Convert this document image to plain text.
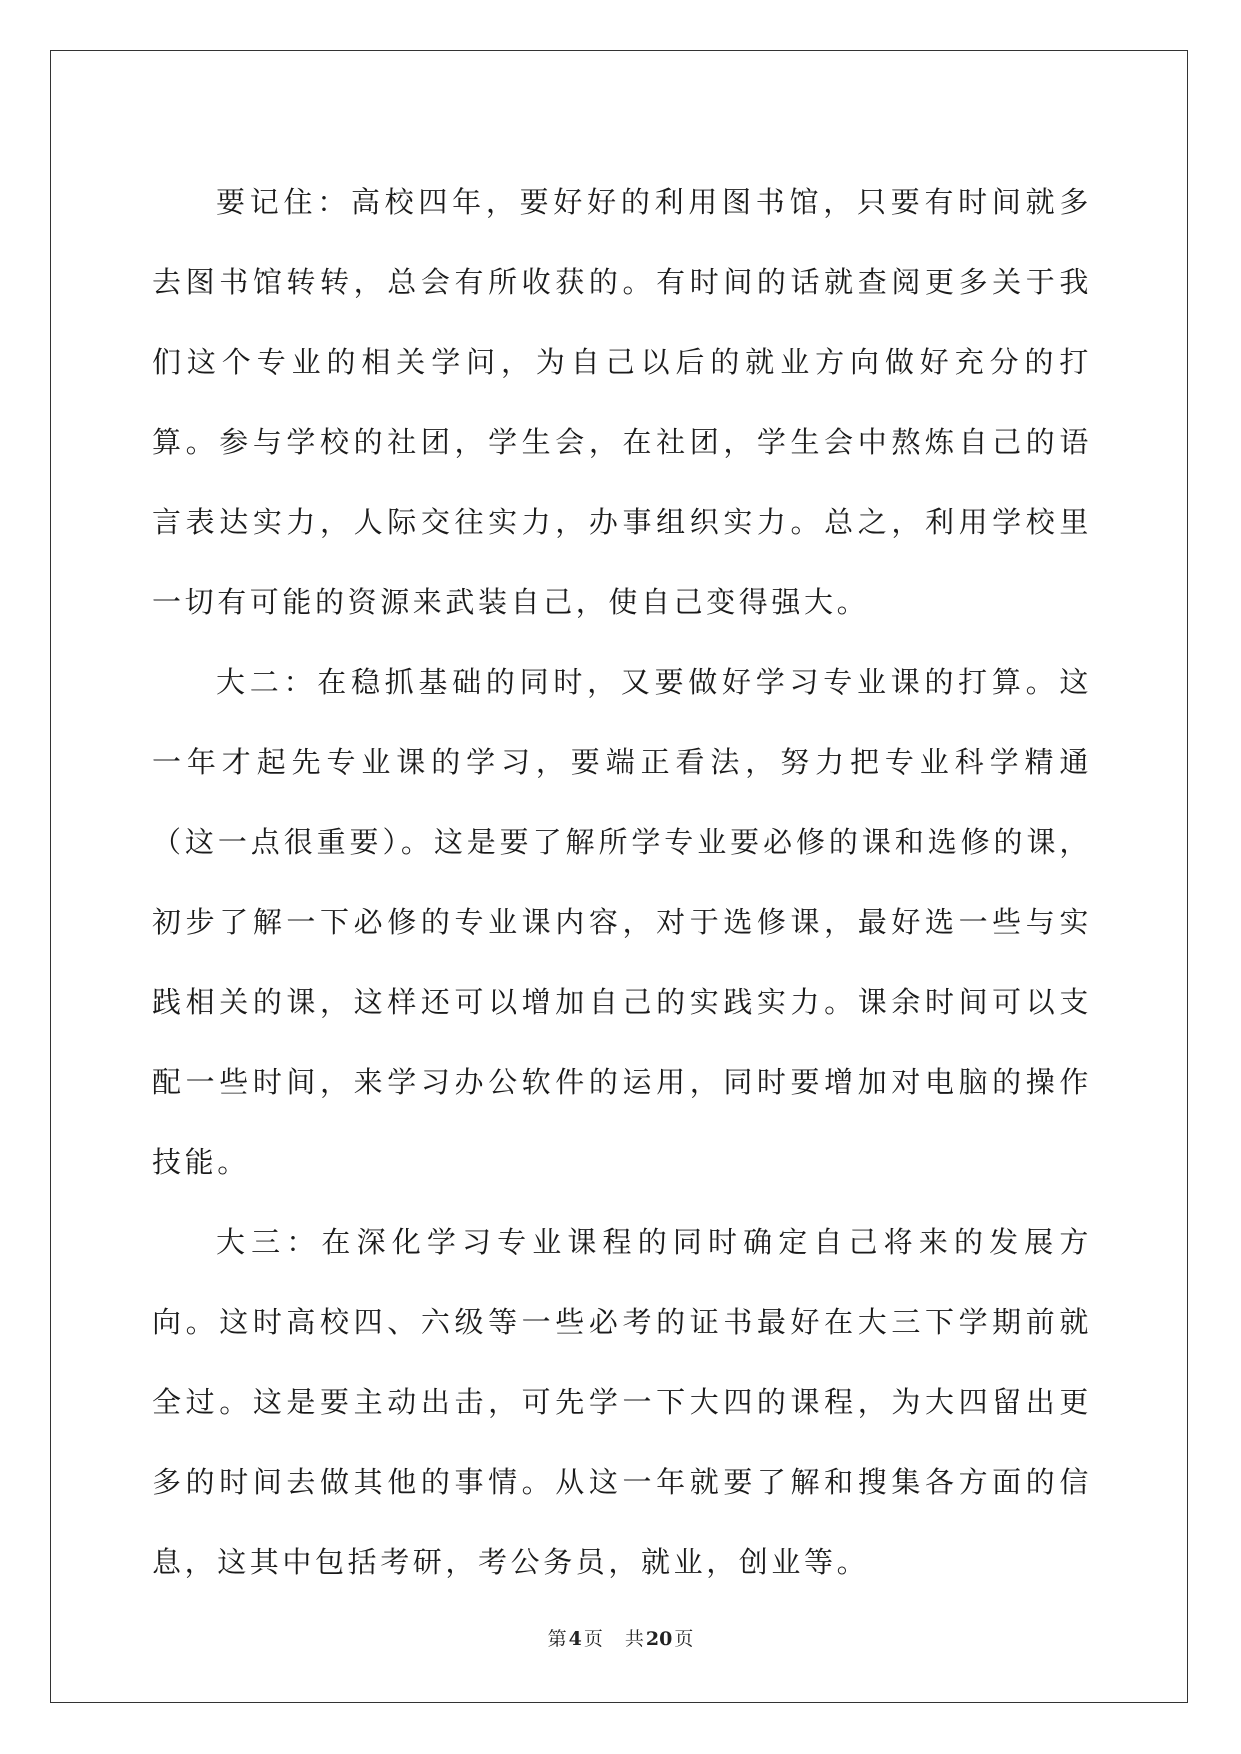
要记住：高校四年，要好好的利用图书馆，只要有时间就多去图书馆转转，总会有所收获的。有时间的话就查阅更多关于我们这个专业的相关学问，为自己以后的就业方向做好充分的打算。参与学校的社团，学生会，在社团，学生会中熬炼自己的语言表达实力，人际交往实力，办事组织实力。总之，利用学校里一切有可能的资源来武装自己，使自己变得强大。

大二：在稳抓基础的同时，又要做好学习专业课的打算。这一年才起先专业课的学习，要端正看法，努力把专业科学精通（这一点很重要）。这是要了解所学专业要必修的课和选修的课，初步了解一下必修的专业课内容，对于选修课，最好选一些与实践相关的课，这样还可以增加自己的实践实力。课余时间可以支配一些时间，来学习办公软件的运用，同时要增加对电脑的操作技能。

大三：在深化学习专业课程的同时确定自己将来的发展方向。这时高校四、六级等一些必考的证书最好在大三下学期前就全过。这是要主动出击，可先学一下大四的课程，为大四留出更多的时间去做其他的事情。从这一年就要了解和搜集各方面的信息，这其中包括考研，考公务员，就业，创业等。

第 4 页 共 20 页
